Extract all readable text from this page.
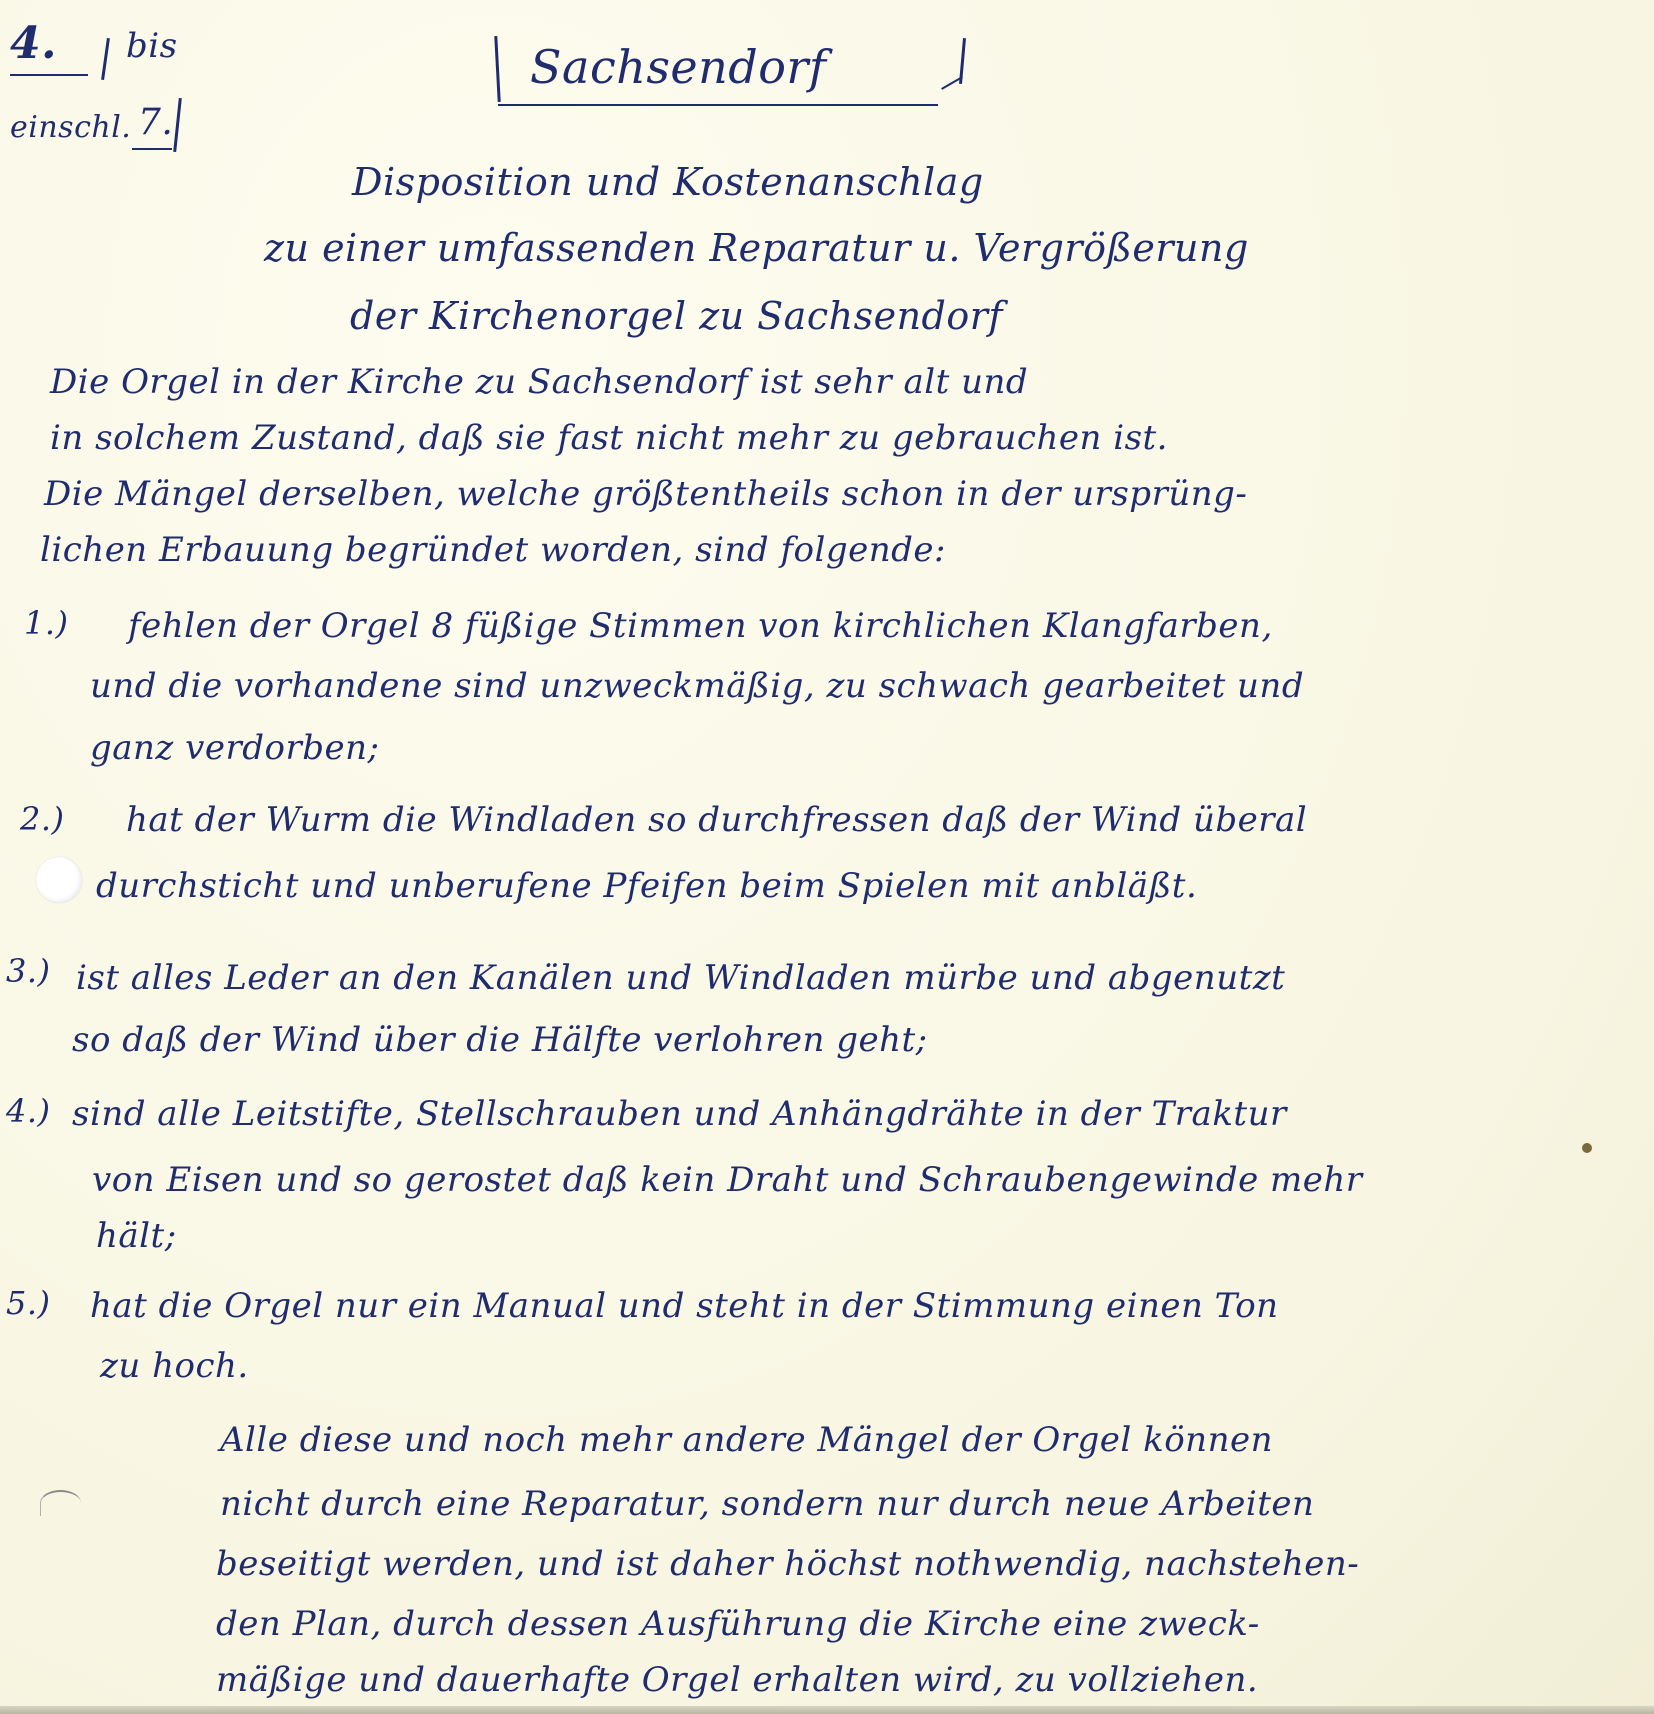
4. bis
einschl. 7.
Sachsendorf
Disposition und Kostenanschlag
zu einer umfassenden Reparatur u. Vergrößerung
der Kirchenorgel zu Sachsendorf
Die Orgel in der Kirche zu Sachsendorf ist sehr alt und
in solchem Zustand, daß sie fast nicht mehr zu gebrauchen ist.
Die Mängel derselben, welche größtentheils schon in der ursprüng-
lichen Erbauung begründet worden, sind folgende:
1.) fehlen der Orgel 8 füßige Stimmen von kirchlichen Klangfarben,
und die vorhandene sind unzweckmäßig, zu schwach gearbeitet und
ganz verdorben;
2.) hat der Wurm die Windladen so durchfressen daß der Wind überal
durchsticht und unberufene Pfeifen beim Spielen mit anbläßt.
3.) ist alles Leder an den Kanälen und Windladen mürbe und abgenutzt
so daß der Wind über die Hälfte verlohren geht;
4.) sind alle Leitstifte, Stellschrauben und Anhängdrähte in der Traktur
von Eisen und so gerostet daß kein Draht und Schraubengewinde mehr
hält;
5.) hat die Orgel nur ein Manual und steht in der Stimmung einen Ton
zu hoch.
Alle diese und noch mehr andere Mängel der Orgel können
nicht durch eine Reparatur, sondern nur durch neue Arbeiten
beseitigt werden, und ist daher höchst nothwendig, nachstehen-
den Plan, durch dessen Ausführung die Kirche eine zweck-
mäßige und dauerhafte Orgel erhalten wird, zu vollziehen.
